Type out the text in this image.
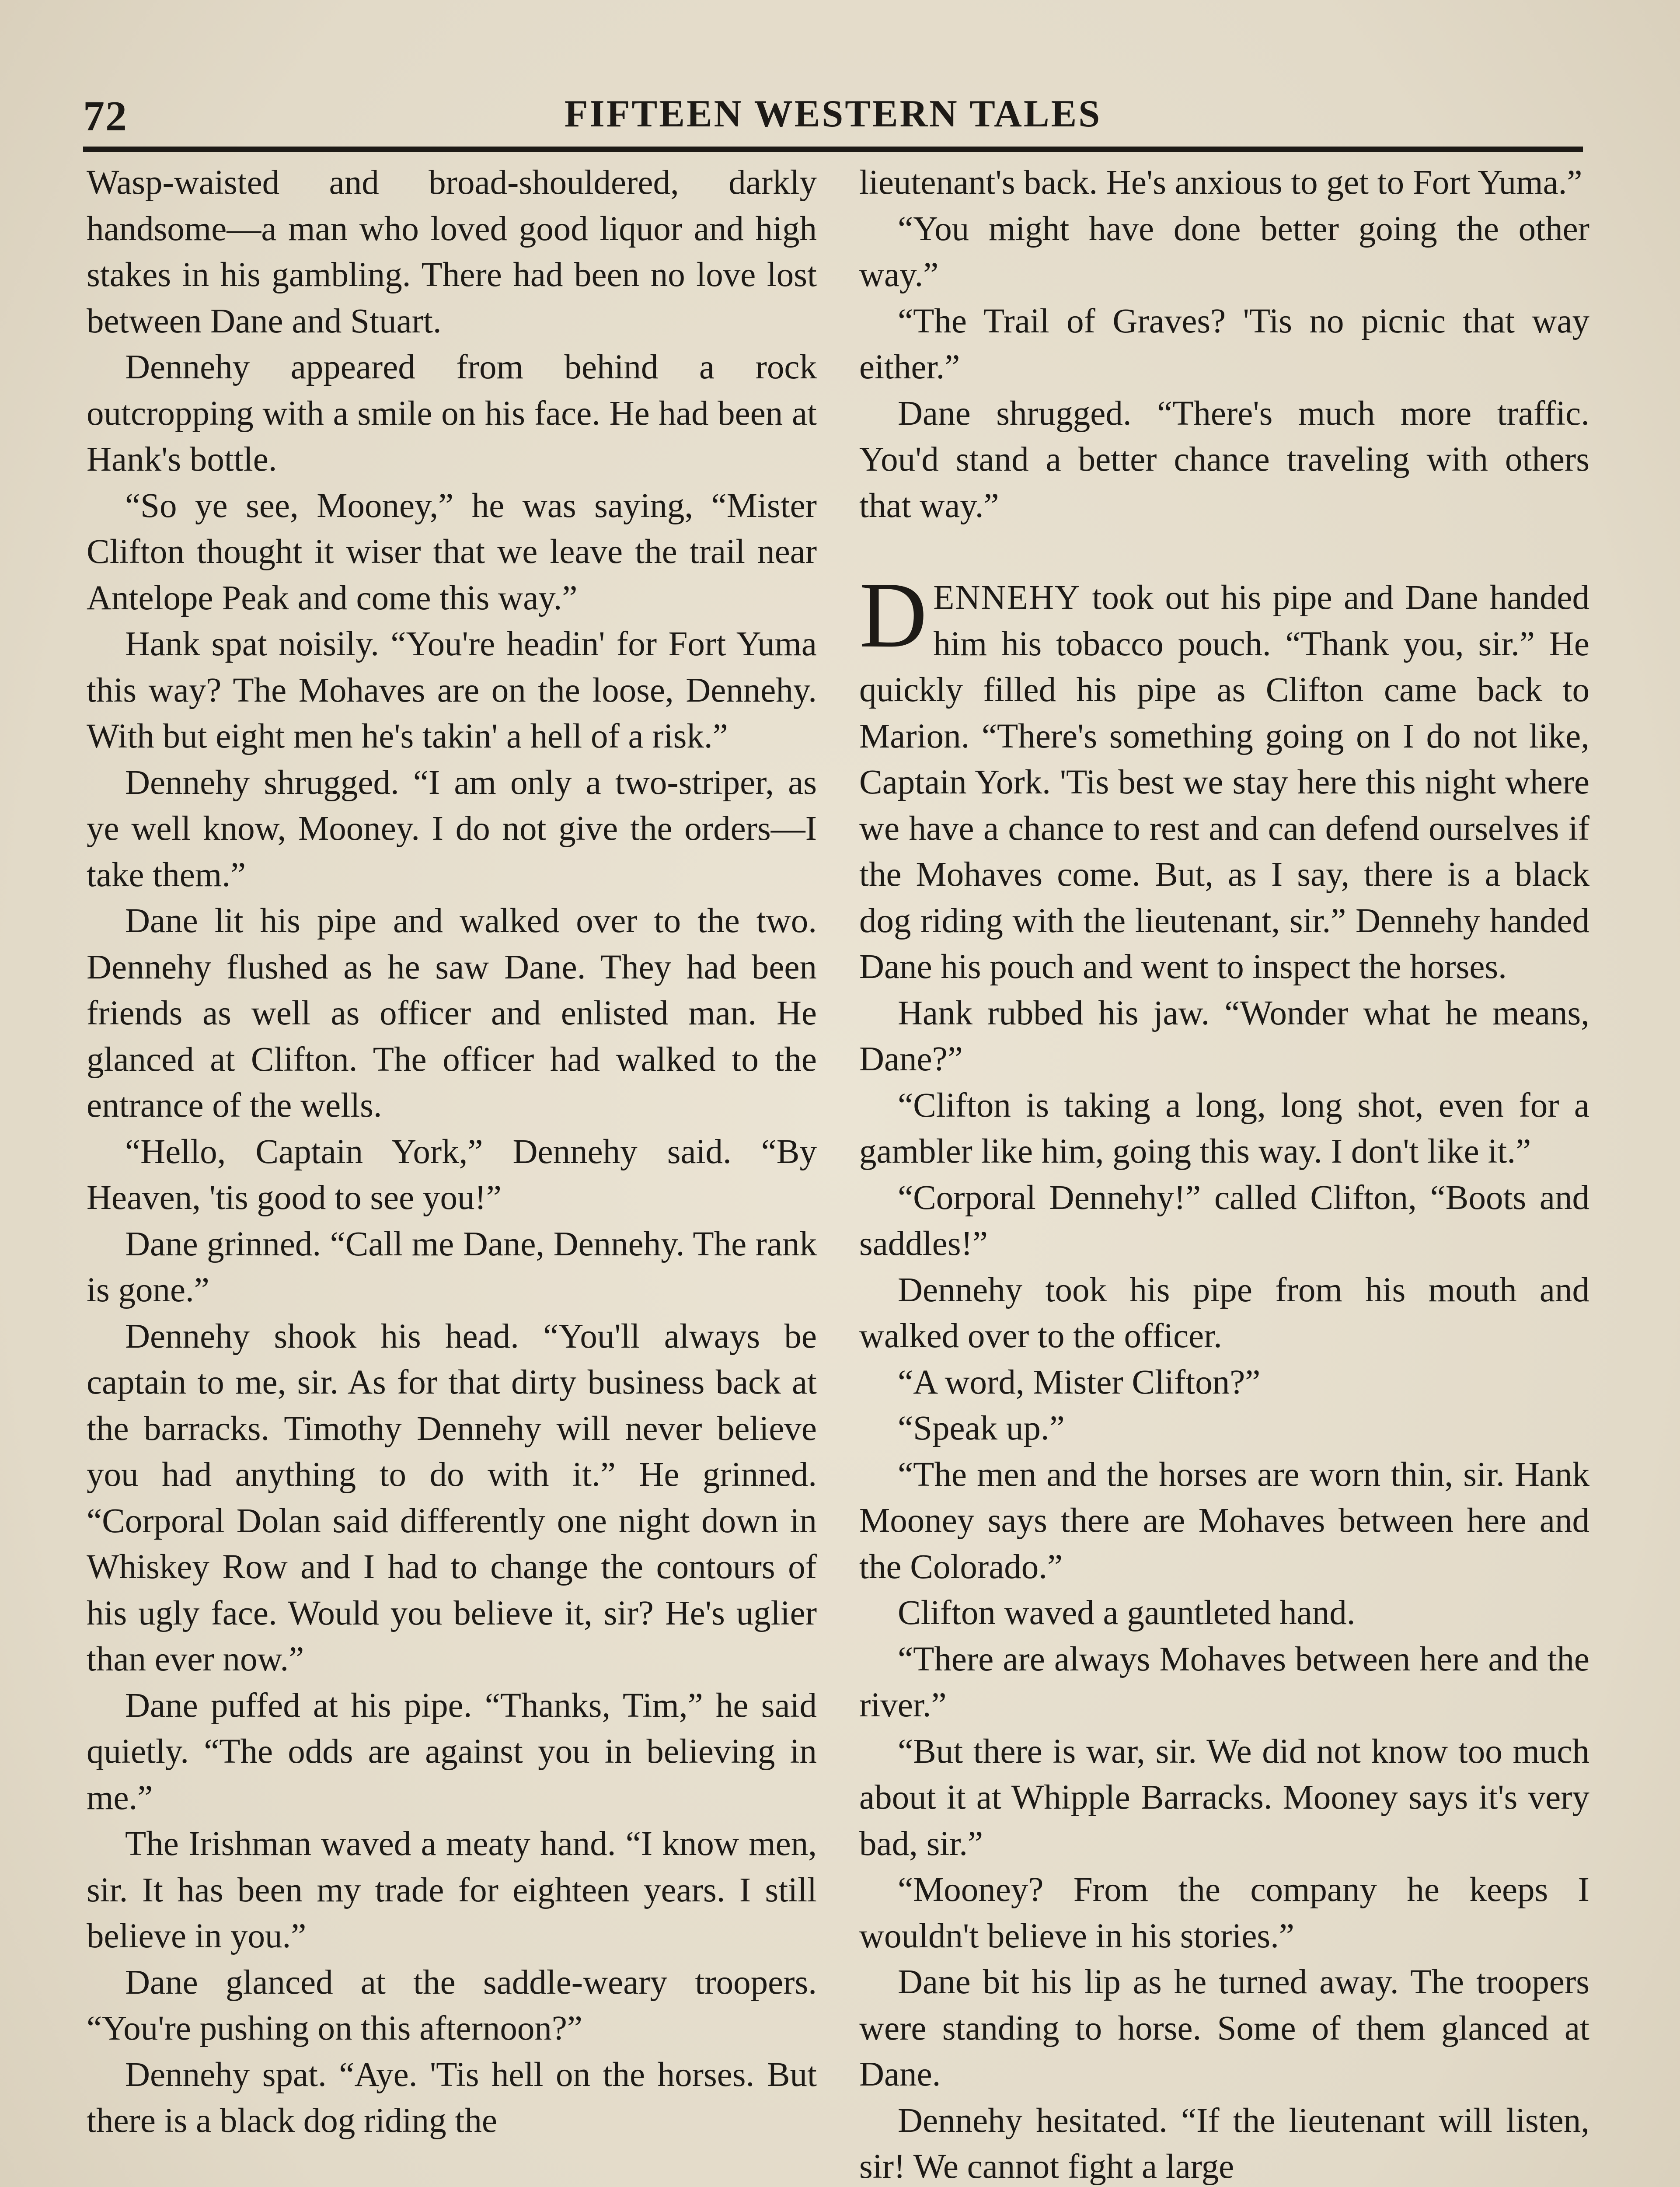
72	FIFTEEN WESTERN TALES

Wasp-waisted and broad-shouldered, darkly handsome—a man who loved good liquor and high stakes in his gambling. There had been no love lost between Dane and Stuart.

Dennehy appeared from behind a rock outcropping with a smile on his face. He had been at Hank's bottle.

“So ye see, Mooney,” he was saying, “Mister Clifton thought it wiser that we leave the trail near Antelope Peak and come this way.”

Hank spat noisily. “You're headin' for Fort Yuma this way? The Mohaves are on the loose, Dennehy. With but eight men he's takin' a hell of a risk.”

Dennehy shrugged. “I am only a two-striper, as ye well know, Mooney. I do not give the orders—I take them.”

Dane lit his pipe and walked over to the two. Dennehy flushed as he saw Dane. They had been friends as well as officer and enlisted man. He glanced at Clifton. The officer had walked to the entrance of the wells.

“Hello, Captain York,” Dennehy said. “By Heaven, 'tis good to see you!”

Dane grinned. “Call me Dane, Dennehy. The rank is gone.”

Dennehy shook his head. “You'll always be captain to me, sir. As for that dirty business back at the barracks. Timothy Dennehy will never believe you had anything to do with it.” He grinned. “Corporal Dolan said differently one night down in Whiskey Row and I had to change the contours of his ugly face. Would you believe it, sir? He's uglier than ever now.”

Dane puffed at his pipe. “Thanks, Tim,” he said quietly. “The odds are against you in believing in me.”

The Irishman waved a meaty hand. “I know men, sir. It has been my trade for eighteen years. I still believe in you.”

Dane glanced at the saddle-weary troopers. “You're pushing on this afternoon?”

Dennehy spat. “Aye. 'Tis hell on the horses. But there is a black dog riding the

lieutenant's back. He's anxious to get to Fort Yuma.”

“You might have done better going the other way.”

“The Trail of Graves? 'Tis no picnic that way either.”

Dane shrugged. “There's much more traffic. You'd stand a better chance traveling with others that way.”

DENNEHY took out his pipe and Dane handed him his tobacco pouch. “Thank you, sir.” He quickly filled his pipe as Clifton came back to Marion. “There's something going on I do not like, Captain York. 'Tis best we stay here this night where we have a chance to rest and can defend ourselves if the Mohaves come. But, as I say, there is a black dog riding with the lieutenant, sir.” Dennehy handed Dane his pouch and went to inspect the horses.

Hank rubbed his jaw. “Wonder what he means, Dane?”

“Clifton is taking a long, long shot, even for a gambler like him, going this way. I don't like it.”

“Corporal Dennehy!” called Clifton, “Boots and saddles!”

Dennehy took his pipe from his mouth and walked over to the officer.

“A word, Mister Clifton?”

“Speak up.”

“The men and the horses are worn thin, sir. Hank Mooney says there are Mohaves between here and the Colorado.”

Clifton waved a gauntleted hand.

“There are always Mohaves between here and the river.”

“But there is war, sir. We did not know too much about it at Whipple Barracks. Mooney says it's very bad, sir.”

“Mooney? From the company he keeps I wouldn't believe in his stories.”

Dane bit his lip as he turned away. The troopers were standing to horse. Some of them glanced at Dane.

Dennehy hesitated. “If the lieutenant will listen, sir! We cannot fight a large
